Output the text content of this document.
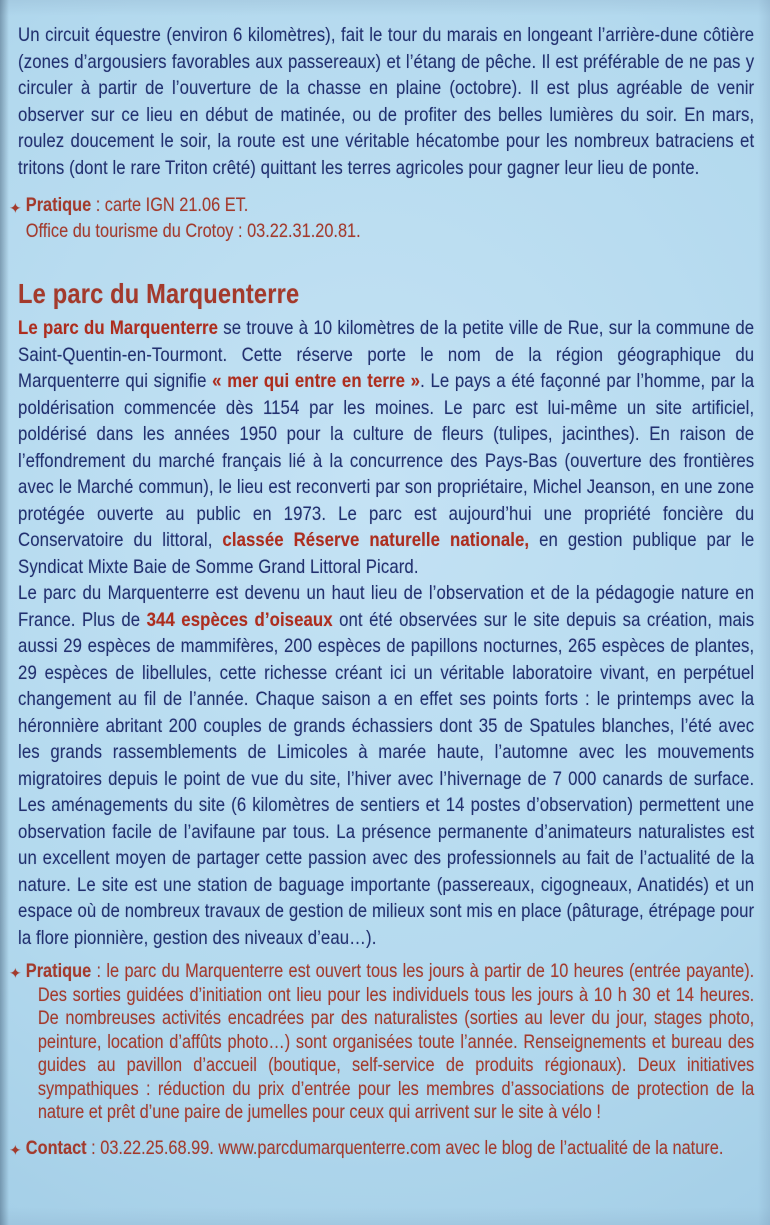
Un circuit équestre (environ 6 kilomètres), fait le tour du marais en longeant l’arrière-dune côtière (zones d’argousiers favorables aux passereaux) et l’étang de pêche. Il est préférable de ne pas y circuler à partir de l’ouverture de la chasse en plaine (octobre). Il est plus agréable de venir observer sur ce lieu en début de matinée, ou de profiter des belles lumières du soir. En mars, roulez doucement le soir, la route est une véritable hécatombe pour les nombreux batraciens et tritons (dont le rare Triton crêté) quittant les terres agricoles pour gagner leur lieu de ponte.

✦ Pratique : carte IGN 21.06 ET.
Office du tourisme du Crotoy : 03.22.31.20.81.
Le parc du Marquenterre

Le parc du Marquenterre se trouve à 10 kilomètres de la petite ville de Rue, sur la commune de Saint-Quentin-en-Tourmont. Cette réserve porte le nom de la région géographique du Marquenterre qui signifie « mer qui entre en terre ». Le pays a été façonné par l’homme, par la poldérisation commencée dès 1154 par les moines. Le parc est lui-même un site artificiel, poldérisé dans les années 1950 pour la culture de fleurs (tulipes, jacinthes). En raison de l’effondrement du marché français lié à la concurrence des Pays-Bas (ouverture des frontières avec le Marché commun), le lieu est reconverti par son propriétaire, Michel Jeanson, en une zone protégée ouverte au public en 1973. Le parc est aujourd’hui une propriété foncière du Conservatoire du littoral, classée Réserve naturelle nationale, en gestion publique par le Syndicat Mixte Baie de Somme Grand Littoral Picard.

Le parc du Marquenterre est devenu un haut lieu de l’observation et de la pédagogie nature en France. Plus de 344 espèces d’oiseaux ont été observées sur le site depuis sa création, mais aussi 29 espèces de mammifères, 200 espèces de papillons nocturnes, 265 espèces de plantes, 29 espèces de libellules, cette richesse créant ici un véritable laboratoire vivant, en perpétuel changement au fil de l’année. Chaque saison a en effet ses points forts : le printemps avec la héronnière abritant 200 couples de grands échassiers dont 35 de Spatules blanches, l’été avec les grands rassemblements de Limicoles à marée haute, l’automne avec les mouvements migratoires depuis le point de vue du site, l’hiver avec l’hivernage de 7 000 canards de surface. Les aménagements du site (6 kilomètres de sentiers et 14 postes d’observation) permettent une observation facile de l’avifaune par tous. La présence permanente d’animateurs naturalistes est un excellent moyen de partager cette passion avec des professionnels au fait de l’actualité de la nature. Le site est une station de baguage importante (passereaux, cigogneaux, Anatidés) et un espace où de nombreux travaux de gestion de milieux sont mis en place (pâturage, étrépage pour la flore pionnière, gestion des niveaux d’eau…).

✦ Pratique : le parc du Marquenterre est ouvert tous les jours à partir de 10 heures (entrée payante). Des sorties guidées d’initiation ont lieu pour les individuels tous les jours à 10 h 30 et 14 heures. De nombreuses activités encadrées par des naturalistes (sorties au lever du jour, stages photo, peinture, location d’affûts photo…) sont organisées toute l’année. Renseignements et bureau des guides au pavillon d’accueil (boutique, self-service de produits régionaux). Deux initiatives sympathiques : réduction du prix d’entrée pour les membres d’associations de protection de la nature et prêt d’une paire de jumelles pour ceux qui arrivent sur le site à vélo !
✦ Contact : 03.22.25.68.99. www.parcdumarquenterre.com avec le blog de l’actualité de la nature.
